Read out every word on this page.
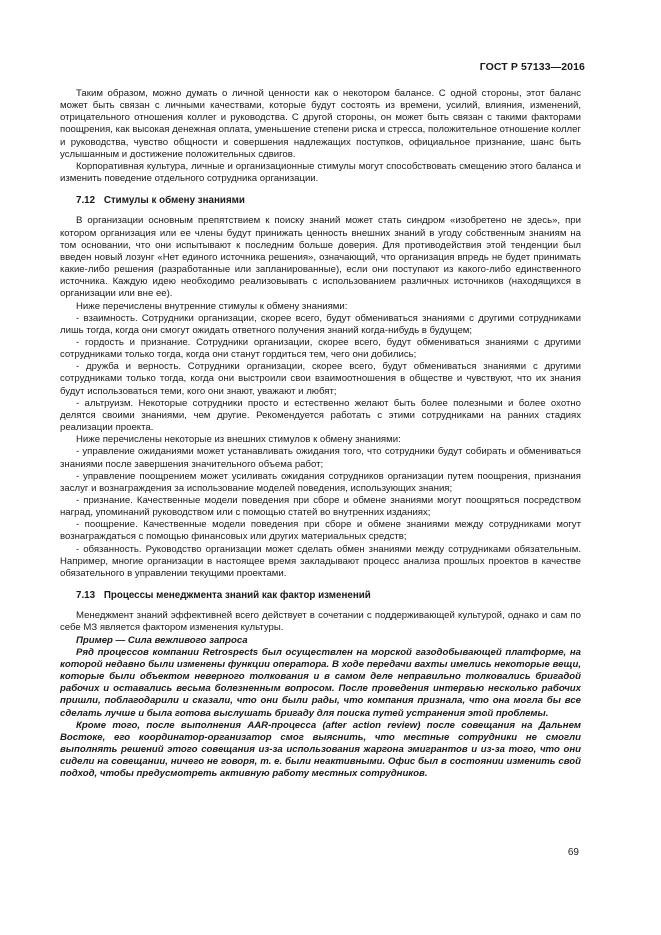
ГОСТ Р 57133—2016

Таким образом, можно думать о личной ценности как о некотором балансе. С одной стороны, этот баланс может быть связан с личными качествами, которые будут состоять из времени, усилий, влияния, изменений, отрицательного отношения коллег и руководства. С другой стороны, он может быть связан с такими факторами поощрения, как высокая денежная оплата, уменьшение степени риска и стресса, положительное отношение коллег и руководства, чувство общности и совершения надлежащих поступков, официальное признание, шанс быть услышанным и достижение положительных сдвигов.

Корпоративная культура, личные и организационные стимулы могут способствовать смещению этого баланса и изменить поведение отдельного сотрудника организации.

7.12 Стимулы к обмену знаниями

В организации основным препятствием к поиску знаний может стать синдром «изобретено не здесь», при котором организация или ее члены будут принижать ценность внешних знаний в угоду собственным знаниям на том основании, что они испытывают к последним больше доверия. Для противодействия этой тенденции был введен новый лозунг «Нет единого источника решения», означающий, что организация впредь не будет принимать какие-либо решения (разработанные или запланированные), если они поступают из какого-либо единственного источника. Каждую идею необходимо реализовывать с использованием различных источников (находящихся в организации или вне ее).

Ниже перечислены внутренние стимулы к обмену знаниями:

- взаимность. Сотрудники организации, скорее всего, будут обмениваться знаниями с другими сотрудниками лишь тогда, когда они смогут ожидать ответного получения знаний когда-нибудь в будущем;

- гордость и признание. Сотрудники организации, скорее всего, будут обмениваться знаниями с другими сотрудниками только тогда, когда они станут гордиться тем, чего они добились;

- дружба и верность. Сотрудники организации, скорее всего, будут обмениваться знаниями с другими сотрудниками только тогда, когда они выстроили свои взаимоотношения в обществе и чувствуют, что их знания будут использоваться теми, кого они знают, уважают и любят;

- альтруизм. Некоторые сотрудники просто и естественно желают быть более полезными и более охотно делятся своими знаниями, чем другие. Рекомендуется работать с этими сотрудниками на ранних стадиях реализации проекта.

Ниже перечислены некоторые из внешних стимулов к обмену знаниями:

- управление ожиданиями может устанавливать ожидания того, что сотрудники будут собирать и обмениваться знаниями после завершения значительного объема работ;

- управление поощрением может усиливать ожидания сотрудников организации путем поощрения, признания заслуг и вознаграждения за использование моделей поведения, использующих знания;

- признание. Качественные модели поведения при сборе и обмене знаниями могут поощряться посредством наград, упоминаний руководством или с помощью статей во внутренних изданиях;

- поощрение. Качественные модели поведения при сборе и обмене знаниями между сотрудниками могут вознаграждаться с помощью финансовых или других материальных средств;

- обязанность. Руководство организации может сделать обмен знаниями между сотрудниками обязательным. Например, многие организации в настоящее время закладывают процесс анализа прошлых проектов в качестве обязательного в управлении текущими проектами.

7.13 Процессы менеджмента знаний как фактор изменений

Менеджмент знаний эффективней всего действует в сочетании с поддерживающей культурой, однако и сам по себе МЗ является фактором изменения культуры.

Пример — Сила вежливого запроса

Ряд процессов компании Retrospects был осуществлен на морской газодобывающей платформе, на которой недавно были изменены функции оператора. В ходе передачи вахты имелись некоторые вещи, которые были объектом неверного толкования и в самом деле неправильно толковались бригадой рабочих и оставались весьма болезненным вопросом. После проведения интервью несколько рабочих пришли, поблагодарили и сказали, что они были рады, что компания признала, что она могла бы все сделать лучше и была готова выслушать бригаду для поиска путей устранения этой проблемы.

Кроме того, после выполнения AAR-процесса (after action review) после совещания на Дальнем Востоке, его координатор-организатор смог выяснить, что местные сотрудники не смогли выполнять решений этого совещания из-за использования жаргона эмигрантов и из-за того, что они сидели на совещании, ничего не говоря, т. е. были неактивными. Офис был в состоянии изменить свой подход, чтобы предусмотреть активную работу местных сотрудников.

69
